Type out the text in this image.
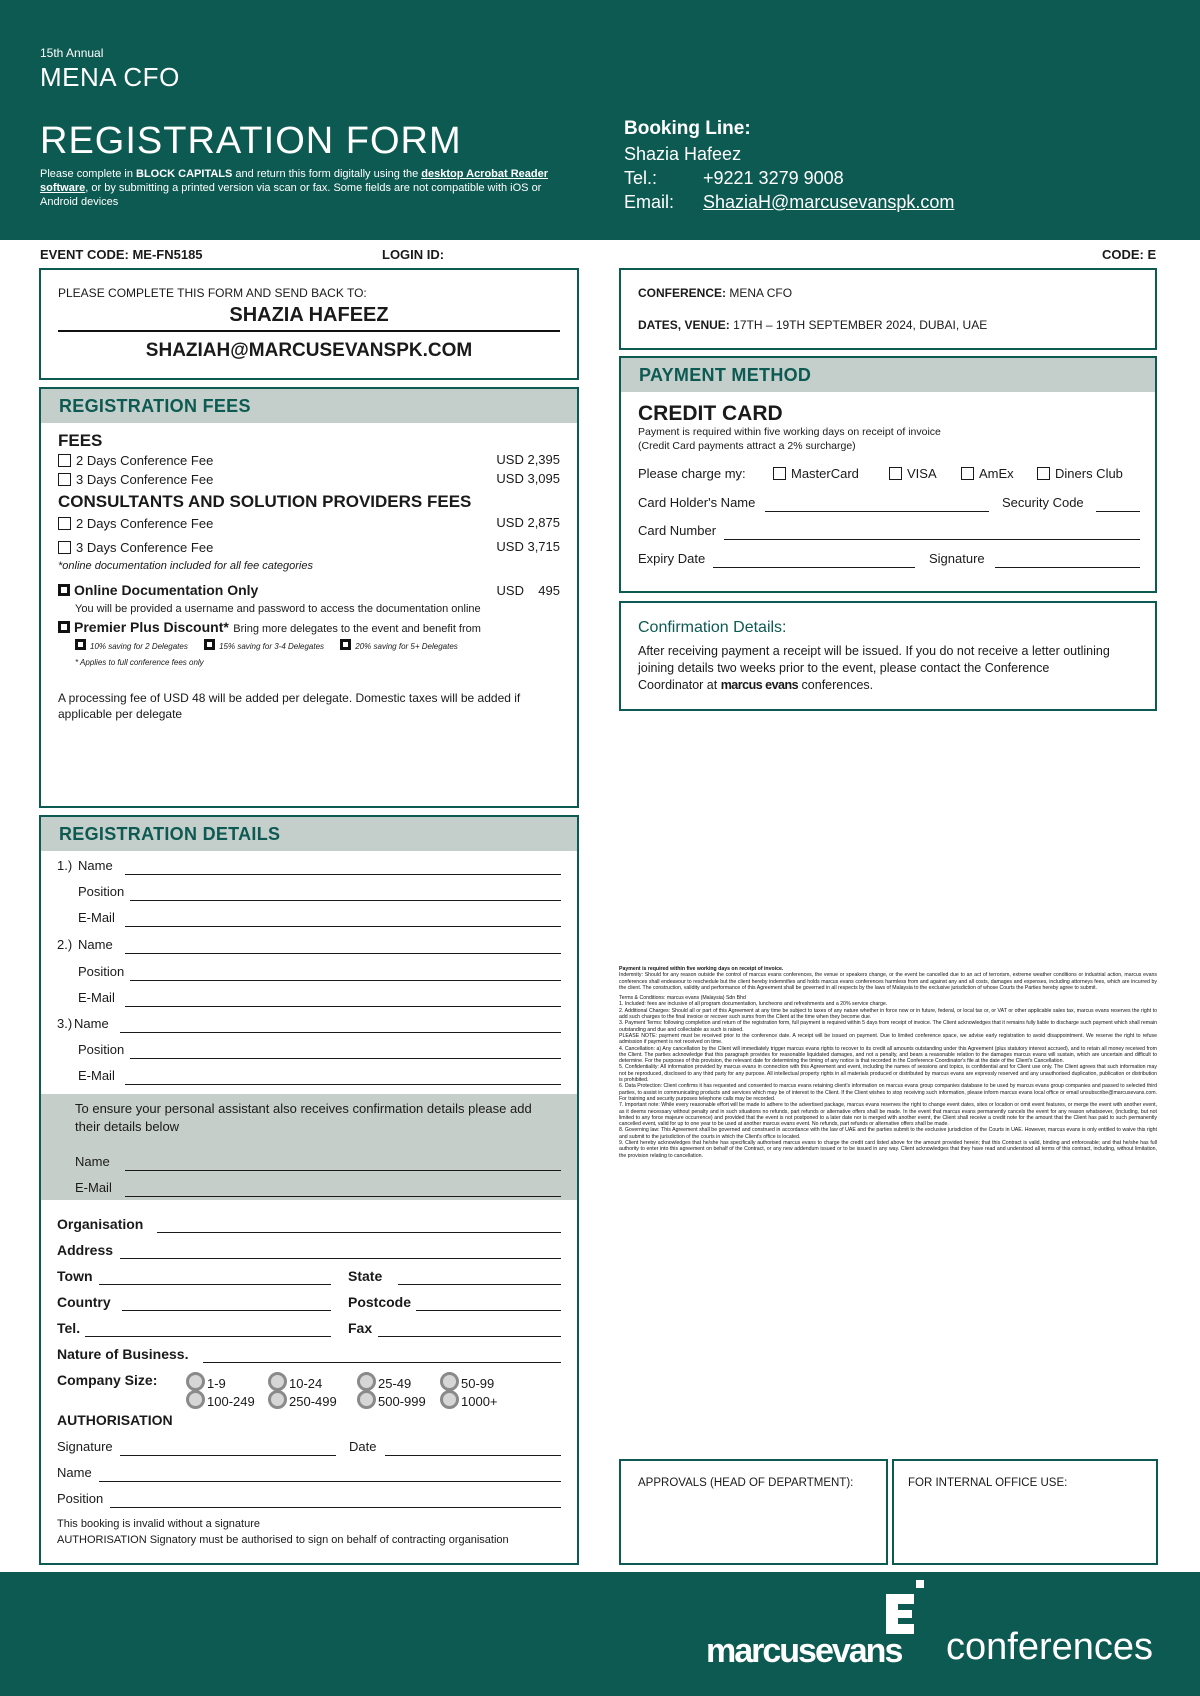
15th Annual
MENA CFO
REGISTRATION FORM
Please complete in BLOCK CAPITALS and return this form digitally using the desktop Acrobat Reader software, or by submitting a printed version via scan or fax. Some fields are not compatible with iOS or Android devices
Booking Line:
Shazia Hafeez
Tel.:	+9221 3279 9008
Email: ShaziaH@marcusevanspk.com
EVENT CODE: ME-FN5185	LOGIN ID:	CODE: E
PLEASE COMPLETE THIS FORM AND SEND BACK TO:
SHAZIA HAFEEZ
SHAZIAH@MARCUSEVANSPK.COM
REGISTRATION FEES
FEES
2 Days Conference Fee	USD 2,395
3 Days Conference Fee	USD 3,095
CONSULTANTS AND SOLUTION PROVIDERS FEES
2 Days Conference Fee	USD 2,875
3 Days Conference Fee	USD 3,715
*online documentation included for all fee categories
Online Documentation Only	USD 495
You will be provided a username and password to access the documentation online
Premier Plus Discount* Bring more delegates to the event and benefit from
10% saving for 2 Delegates	15% saving for 3-4 Delegates	20% saving for 5+ Delegates
* Applies to full conference fees only
A processing fee of USD 48 will be added per delegate. Domestic taxes will be added if applicable per delegate
REGISTRATION DETAILS
1.) Name
Position
E-Mail
2.) Name
Position
E-Mail
3.) Name
Position
E-Mail
To ensure your personal assistant also receives confirmation details please add their details below
Name
E-Mail
Organisation
Address
Town	State
Country	Postcode
Tel.	Fax
Nature of Business.
Company Size:	1-9	10-24	25-49	50-99
100-249	250-499	500-999	1000+
AUTHORISATION
Signature	Date
Name
Position
This booking is invalid without a signature
AUTHORISATION Signatory must be authorised to sign on behalf of contracting organisation
CONFERENCE: MENA CFO
DATES, VENUE: 17TH – 19TH SEPTEMBER 2024, DUBAI, UAE
PAYMENT METHOD
CREDIT CARD
Payment is required within five working days on receipt of invoice
(Credit Card payments attract a 2% surcharge)
Please charge my:	MasterCard	VISA	AmEx	Diners Club
Card Holder's Name	Security Code
Card Number
Expiry Date	Signature
Confirmation Details:
After receiving payment a receipt will be issued. If you do not receive a letter outlining joining details two weeks prior to the event, please contact the Conference Coordinator at marcus evans conferences.
Payment is required within five working days on receipt of invoice.
Indemnity: Should for any reason outside the control of marcus evans conferences, the venue or speakers change, or the event be cancelled due to an act of terrorism, extreme weather conditions or industrial action, marcus evans conferences shall endeavour to reschedule but the client hereby indemnifies and holds marcus evans conferences harmless from and against any and all costs, damages and expenses, including attorneys fees, which are incurred by the client. The construction, validity and performance of this Agreement shall be governed in all respects by the laws of Malaysia to the exclusive jurisdiction of whose Courts the Parties hereby agree to submit.
Terms & Conditions: marcus evans (Malaysia) Sdn Bhd
1. Included: fees are inclusive of all program documentation, luncheons and refreshments and a 20% service charge.
2. Additional Charges: Should all or part of this Agreement at any time be subject to taxes of any nature whether in force now or in future, federal, or local tax or, or VAT or other applicable sales tax, marcus evans reserves the right to add such charges to the final invoice or recover such sums from the Client at the time when they become due.
3. Payment Terms: following completion and return of the registration form, full payment is required within 5 days from receipt of invoice. The Client acknowledges that it remains fully liable to discharge such payment which shall remain outstanding and due and collectable as such is raised.
PLEASE NOTE: payment must be received prior to the conference date. A receipt will be issued on payment. Due to limited conference space, we advise early registration to avoid disappointment. We reserve the right to refuse admission if payment is not received on time.
4. Cancellation: a) Any cancellation by the Client will immediately trigger marcus evans rights to recover to its credit all amounts outstanding under this Agreement (plus statutory interest accrued), and to retain all money received from the Client. The parties acknowledge that this paragraph provides for reasonable liquidated damages, and not a penalty, and bears a reasonable relation to the damages marcus evans will sustain, which are uncertain and difficult to determine. For the purposes of this provision, the relevant date for determining the timing of any notice is that recorded in the Conference Coordinator's file at the date of the Client's Cancellation.
5. Confidentiality: All information provided by marcus evans in connection with this Agreement and event, including the names of sessions and topics, is confidential and for Client use only. The Client agrees that such information may not be reproduced, disclosed to any third party for any purpose. All intellectual property rights in all materials produced or distributed by marcus evans are expressly reserved and any unauthorised duplication, publication or distribution is prohibited.
6. Data Protection: Client confirms it has requested and consented to marcus evans retaining client's information on marcus evans group companies database to be used by marcus evans group companies and passed to selected third parties, to assist in communicating products and services which may be of interest to the Client. If the Client wishes to stop receiving such information, please inform marcus evans local office or email unsubscribe@marcusevans.com. For training and security purposes telephone calls may be recorded.
7. Important note: While every reasonable effort will be made to adhere to the advertised package, marcus evans reserves the right to change event dates, sites or location or omit event features, or merge the event with another event, as it deems necessary without penalty and in such situations no refunds, part refunds or alternative offers shall be made. In the event that marcus evans permanently cancels the event for any reason whatsoever, (including, but not limited to any force majeure occurrence) and provided that the event is not postponed to a later date nor is merged with another event, the Client shall receive a credit note for the amount that the Client has paid to such permanently cancelled event, valid for up to one year to be used at another marcus evans event. No refunds, part refunds or alternative offers shall be made.
8. Governing law: This Agreement shall be governed and construed in accordance with the law of UAE and the parties submit to the exclusive jurisdiction of the Courts in UAE. However, marcus evans is only entitled to waive this right and submit to the jurisdiction of the courts in which the Client's office is located.
9. Client hereby acknowledges that he/she has specifically authorised marcus evans to charge the credit card listed above for the amount provided herein; that this Contract is valid, binding and enforceable; and that he/she has full authority to enter into this agreement on behalf of the Contract, or any new addendum issued or to be issued in any way. Client acknowledges that they have read and understood all terms of this contract, including, without limitation, the provision relating to cancellation.
APPROVALS (HEAD OF DEPARTMENT):	FOR INTERNAL OFFICE USE:
marcusevans conferences
